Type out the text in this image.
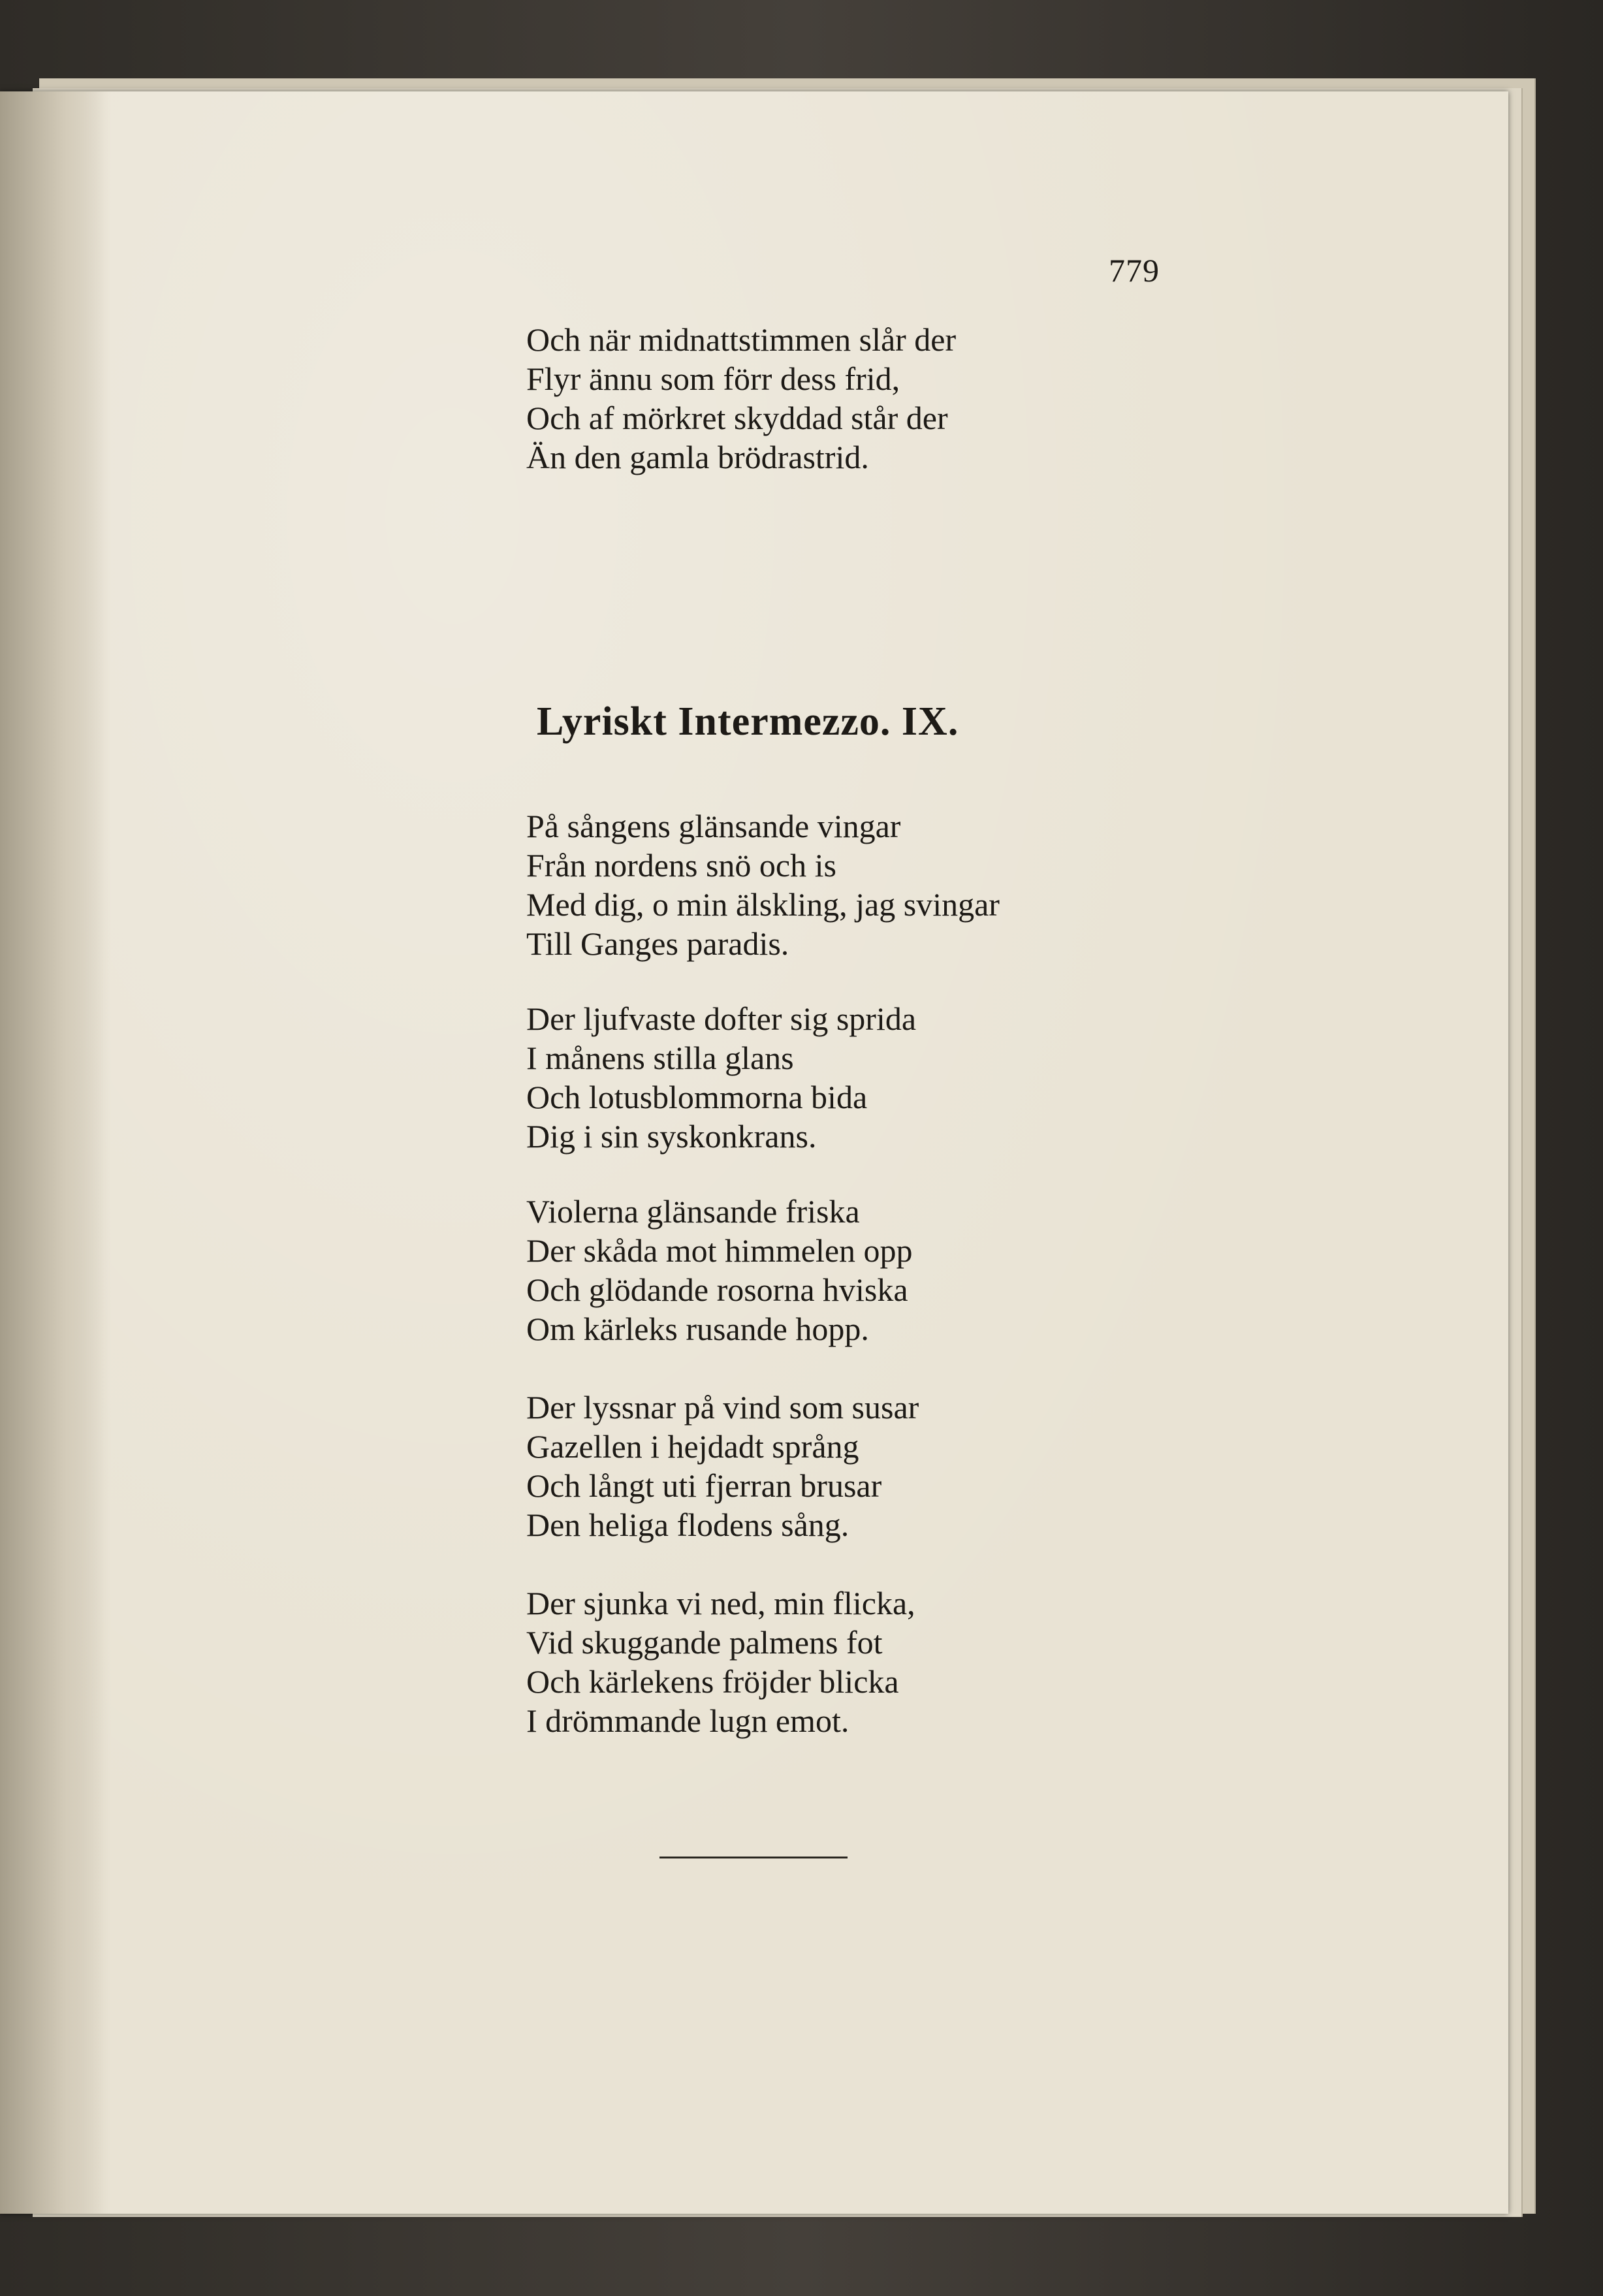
779
Och när midnattstimmen slår der
Flyr ännu som förr dess frid,
Och af mörkret skyddad står der
Än den gamla brödrastrid.
Lyriskt Intermezzo. IX.
På sångens glänsande vingar
Från nordens snö och is
Med dig, o min älskling, jag svingar
Till Ganges paradis.
Der ljufvaste dofter sig sprida
I månens stilla glans
Och lotusblommorna bida
Dig i sin syskonkrans.
Violerna glänsande friska
Der skåda mot himmelen opp
Och glödande rosorna hviska
Om kärleks rusande hopp.
Der lyssnar på vind som susar
Gazellen i hejdadt språng
Och långt uti fjerran brusar
Den heliga flodens sång.
Der sjunka vi ned, min flicka,
Vid skuggande palmens fot
Och kärlekens fröjder blicka
I drömmande lugn emot.
